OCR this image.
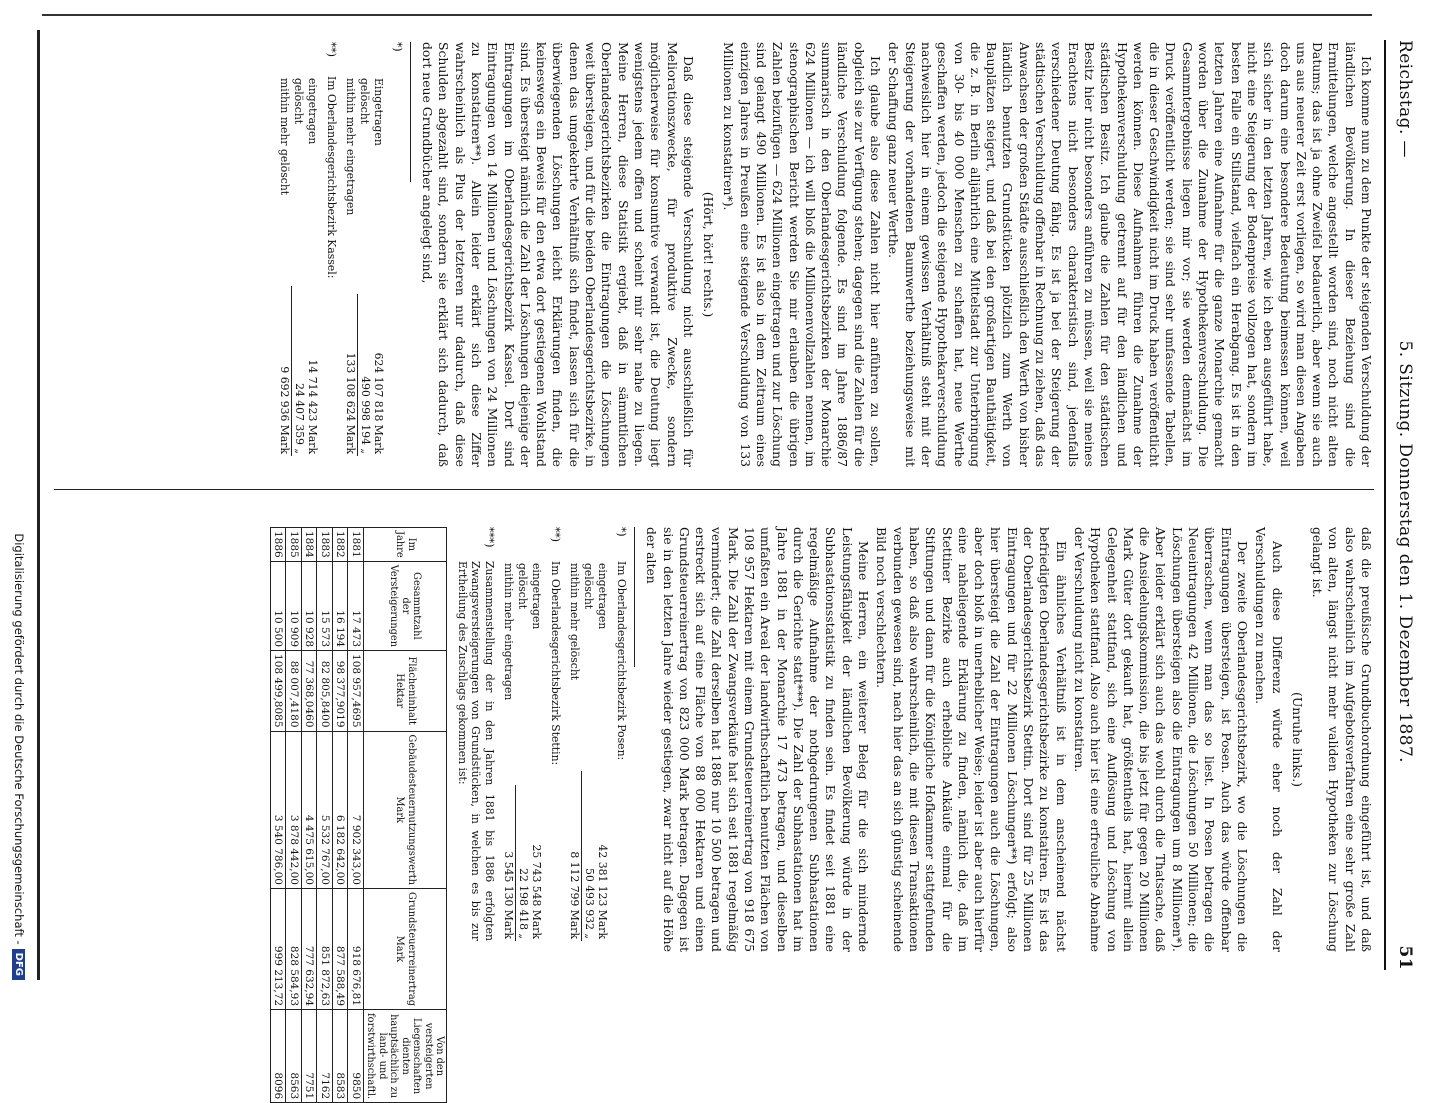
Reichstag. —
5. Sitzung. Donnerstag den 1. Dezember 1887.
51

Ich komme nun zu dem Punkte der steigenden Verschuldung der ländlichen Bevölkerung. In dieser Beziehung sind die Ermittelungen, welche angestellt worden sind, noch nicht alten Datums; das ist ja ohne Zweifel bedauerlich, aber wenn sie auch uns aus neuerer Zeit erst vorliegen, so wird man diesen Angaben doch darum eine besondere Bedeutung beimessen können, weil sich sicher in den letzten Jahren, wie ich eben ausgeführt habe, nicht eine Steigerung der Bodenpreise vollzogen hat, sondern im besten Falle ein Stillstand, vielfach ein Herabgang. Es ist in den letzten Jahren eine Aufnahme für die ganze Monarchie gemacht worden über die Zunahme der Hypothekenverschuldung. Die Gesammtergebnisse liegen mir vor; sie werden demnächst im Druck veröffentlicht werden; sie sind sehr umfassende Tabellen, die in dieser Geschwindigkeit nicht im Druck haben veröffentlicht werden können. Diese Aufnahmen führen die Zunahme der Hypothekenverschuldung getrennt auf für den ländlichen und städtischen Besitz. Ich glaube die Zahlen für den städtischen Besitz hier nicht besonders anführen zu müssen, weil sie meines Erachtens nicht besonders charakteristisch sind, jedenfalls verschiedener Deutung fähig. Es ist ja bei der Steigerung der städtischen Verschuldung offenbar in Rechnung zu ziehen, daß das Anwachsen der großen Städte ausschließlich den Werth von bisher ländlich benutzten Grundstücken plötzlich zum Werth von Bauplätzen steigert, und daß bei den großartigen Bauthätigkeit, die z. B. in Berlin alljährlich eine Mittelstadt zur Unterbringung von 30- bis 40 000 Menschen zu schaffen hat, neue Werthe geschaffen werden, jedoch die steigende Hypothekarverschuldung nachweislich hier in einem gewissen Verhältniß steht mit der Steigerung der vorhandenen Baumwerthe beziehungsweise mit der Schaffung ganz neuer Werthe.

Ich glaube also diese Zahlen nicht hier anführen zu sollen, obgleich sie zur Verfügung stehen; dagegen sind die Zahlen für die ländliche Verschuldung folgende. Es sind im Jahre 1886/87 summarisch in den Oberlandesgerichtsbezirken der Monarchie 624 Millionen — ich will bloß die Millionenvollzahlen nennen, im stenographischen Bericht werden Sie mir erlauben die übrigen Zahlen beizufügen — 624 Millionen eingetragen und zur Löschung sind gelangt 490 Millionen. Es ist also in dem Zeitraum eines einzigen Jahres in Preußen eine steigende Verschuldung von 133 Millionen zu konstatiren*).

(Hört, hört! rechts.)

Daß diese steigende Verschuldung nicht ausschließlich für Meliorationszwecke, für produktive Zwecke, sondern möglicherweise für konsumtive verwandt ist, die Deutung liegt wenigstens jedem offen und scheint mir sehr nahe zu liegen. Meine Herren, diese Statistik ergiebt, daß in sämmtlichen Oberlandesgerichtsbezirken die Eintragungen die Löschungen weit übersteigen, und für die beiden Oberlandesgerichtsbezirke, in denen das umgekehrte Verhältniß sich findet, lassen sich für die überwiegenden Löschungen leicht Erklärungen finden, die keineswegs ein Beweis für den etwa dort gestiegenen Wohlstand sind. Es übersteigt nämlich die Zahl der Löschungen diejenige der Eintragungen im Oberlandesgerichtsbezirk Kassel. Dort sind Eintragungen von 14 Millionen und Löschungen von 24 Millionen zu konstatiren**). Allein leider erklärt sich diese Ziffer wahrscheinlich als Plus der letzteren nur dadurch, daß diese Schulden abgezahlt sind, sondern sie erklärt sich dadurch, daß dort neue Grundbücher angelegt sind,

*)
Eingetragen	624 107 818 Mark
gelöscht	490 998 194 „
mithin mehr eingetragen	133 108 624 Mark
**)Im Oberlandesgerichtsbezirk Kassel:
eingetragen	14 714 423 Mark
gelöscht	24 407 359 „
mithin mehr gelöscht	9 692 936 Mark

daß die preußische Grundbuchordnung eingeführt ist, und daß also wahrscheinlich im Aufgebotsverfahren eine sehr große Zahl von alten, längst nicht mehr validen Hypotheken zur Löschung gelangt ist.

(Unruhe links.)

Auch diese Differenz würde eher noch der Zahl der Verschuldungen zu machen.

Der zweite Oberlandesgerichtsbezirk, wo die Löschungen die Eintragungen übersteigen, ist Posen. Auch das würde offenbar überraschen, wenn man das so liest. In Posen betragen die Neueintragungen 42 Millionen, die Löschungen 50 Millionen; die Löschungen übersteigen also die Eintragungen um 8 Millionen*). Aber leider erklärt sich auch das wohl durch die Thatsache, daß die Ansiedelungskommission, die bis jetzt für gegen 20 Millionen Mark Güter dort gekauft hat, größtentheils hat, hiermit allein Gelegenheit stattfand, sich eine Auflösung und Löschung von Hypotheken stattfand. Also auch hier ist eine erfreuliche Abnahme der Verschuldung nicht zu konstatiren.

Ein ähnliches Verhältniß ist in dem anscheinend nächst befriedigten Oberlandesgerichtsbezirke zu konstatiren. Es ist das der Oberlandesgerichtsbezirk Stettin. Dort sind für 25 Millionen Eintragungen und für 22 Millionen Löschungen**) erfolgt; also hier übersteigt die Zahl der Eintragungen auch die Löschungen, aber doch bloß in unerheblicher Weise; leider ist aber auch hierfür eine naheliegende Erklärung zu finden, nämlich die, daß im Stettiner Bezirke auch erhebliche Ankäufe einmal für die Stiftungen und dann für die Königliche Hofkammer stattgefunden haben, so daß also wahrscheinlich, die mit diesen Transaktionen verbunden gewesen sind, nach hier das an sich günstig scheinende Bild noch verschlechtern.

Meine Herren, ein weiterer Beleg für die sich mindernde Leistungsfähigkeit der ländlichen Bevölkerung würde in der Subhastationsstatistik zu finden sein. Es findet seit 1881 eine regelmäßige Aufnahme der nothgedrungenen Subhastationen durch die Gerichte statt***). Die Zahl der Subhastationen hat im Jahre 1881 in der Monarchie 17 473 betragen, und dieselben umfaßten ein Areal der landwirthschaftlich benutzten Flächen von 108 957 Hektaren mit einem Grundsteuerreinertrag von 918 675 Mark. Die Zahl der Zwangsverkäufe hat sich seit 1881 regelmäßig vermindert; die Zahl derselben hat 1886 nur 10 500 betragen und erstreckt sich auf eine Fläche von 88 000 Hektaren und einen Grundsteuerreinertrag von 823 000 Mark betragen. Dagegen ist sie in den letzten Jahre wieder gestiegen, zwar nicht auf die Höhe der alten

*)Im Oberlandesgerichtsbezirk Posen:
eingetragen	42 381 123 Mark
gelöscht	50 493 932 „
mithin mehr gelöscht	8 112 799 Mark
**)Im Oberlandesgerichtsbezirk Stettin:
eingetragen	25 743 548 Mark
gelöscht	22 198 418 „
mithin mehr eingetragen	3 545 130 Mark
***)Zusammenstellung der in den Jahren 1881 bis 1886 erfolgten Zwangsversteigerungen von Grundstücken, in welchen es bis zur Ertheilung des Zuschlags gekommen ist:
Im Jahre	Gesammtzahl der Versteigerungen	Flächeninhalt Hektar	Gebäudesteuernutzungswerth Mark	Grundsteuerreinertrag Mark	Von den versteigerten Liegenschaften dienten hauptsächlich zu land- und forstwirthschaftl.
1881	17 473	108 957,4695	7 902 343,00	918 676,81	9850
1882	16 194	98 377,9019	6 182 642,00	877 588,49	8583
1883	15 573	82 805,8400	5 532 767,00	851 872,63	7162
1884	10 928	77 368,0460	4 475 615,00	777 632,94	7751
1885	10 909	88 007,4180	3 878 442,00	828 584,93	8563
1886	10 500	108 499,8085	3 540 786,00	999 213,72	8096
Digitalisierung gefördert durch die Deutsche Forschungsgemeinschaft -DFG
